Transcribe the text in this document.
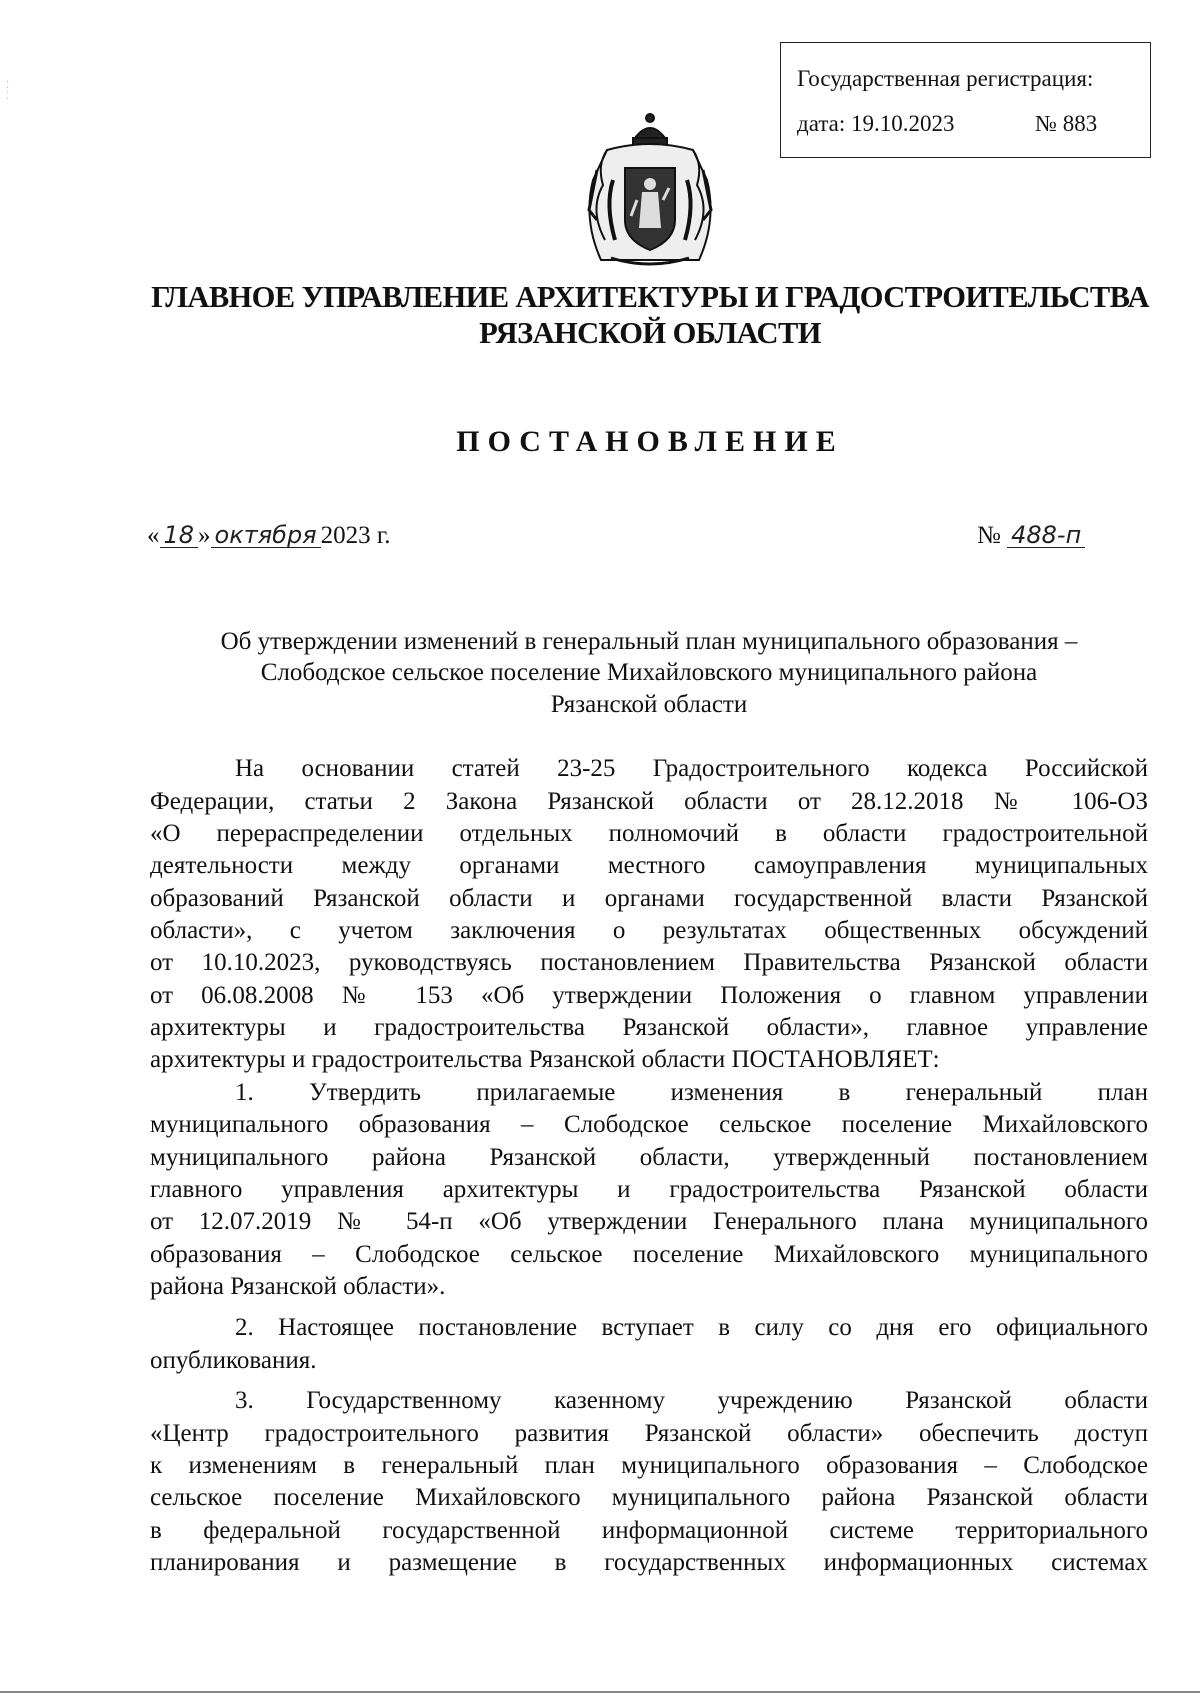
⁚
⁚
Государственная регистрация:
дата: 19.10.2023	№ 883
ГЛАВНОЕ УПРАВЛЕНИЕ АРХИТЕКТУРЫ И ГРАДОСТРОИТЕЛЬСТВА
РЯЗАНСКОЙ ОБЛАСТИ
ПОСТАНОВЛЕНИЕ
« 18 » октября 2023 г.	№ 488-п
Об утверждении изменений в генеральный план муниципального образования –
Слободское сельское поселение Михайловского муниципального района
Рязанской области
На основании статей 23-25 Градостроительного кодекса Российской
Федерации, статьи 2 Закона Рязанской области от 28.12.2018 № 106-ОЗ
«О перераспределении отдельных полномочий в области градостроительной
деятельности между органами местного самоуправления муниципальных
образований Рязанской области и органами государственной власти Рязанской
области», с учетом заключения о результатах общественных обсуждений
от 10.10.2023, руководствуясь постановлением Правительства Рязанской области
от 06.08.2008 № 153 «Об утверждении Положения о главном управлении
архитектуры и градостроительства Рязанской области», главное управление
архитектуры и градостроительства Рязанской области ПОСТАНОВЛЯЕТ:
1. Утвердить прилагаемые изменения в генеральный план
муниципального образования – Слободское сельское поселение Михайловского
муниципального района Рязанской области, утвержденный постановлением
главного управления архитектуры и градостроительства Рязанской области
от 12.07.2019 № 54-п «Об утверждении Генерального плана муниципального
образования – Слободское сельское поселение Михайловского муниципального
района Рязанской области».
2. Настоящее постановление вступает в силу со дня его официального
опубликования.
3. Государственному казенному учреждению Рязанской области
«Центр градостроительного развития Рязанской области» обеспечить доступ
к изменениям в генеральный план муниципального образования – Слободское
сельское поселение Михайловского муниципального района Рязанской области
в федеральной государственной информационной системе территориального
планирования и размещение в государственных информационных системах
